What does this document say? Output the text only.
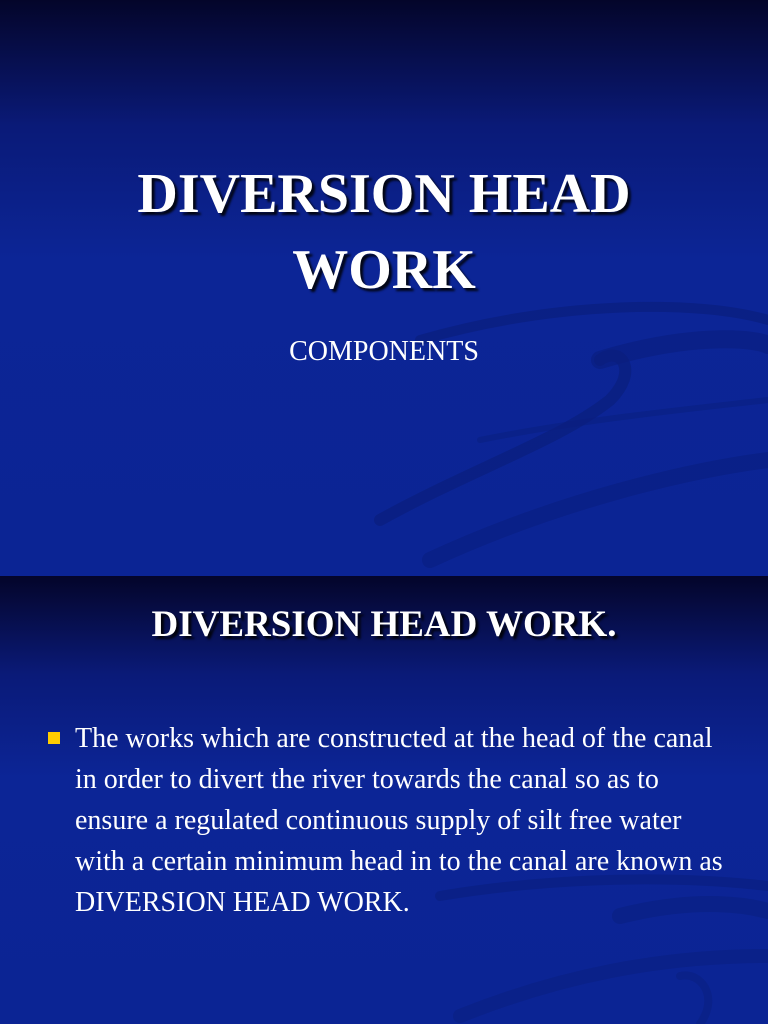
DIVERSION HEAD
WORK
COMPONENTS
DIVERSION HEAD WORK.
The works which are constructed at the head of the canal in order to divert the river towards the canal so as to ensure a regulated continuous supply of silt free water with a certain minimum head in to the canal are known as DIVERSION HEAD WORK.
